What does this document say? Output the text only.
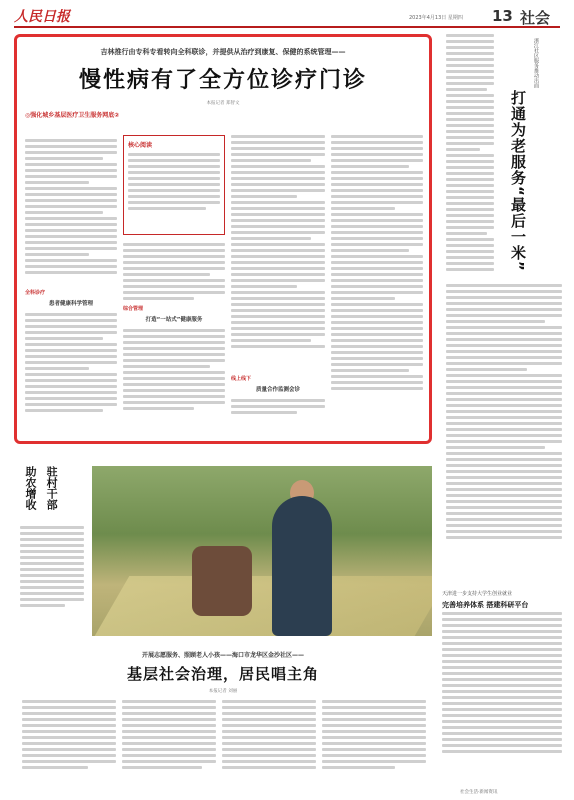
人民日报	2023年4月13日 星期四 13 社会
吉林推行由专科专看转向全科联诊，并提供从治疗到康复、保健的系统管理——
慢性病有了全方位诊疗门诊
本报记者 郑智文
◎强化城乡基层医疗卫生服务网底②
全科诊疗
患者健康科学管理
核心阅读
综合管理
打造“一站式”健康服务
线上线下
质量合作监测会诊
浙江社区服务推动出面
打通为老服务“最后一米”
助农增收 驻村干部
开展志愿服务、照顾老人小孩——海口市龙华区金沙社区——
基层社会治理，居民唱主角
本报记者 刘丽
天津进一步支持大学生创业就业
完善培养体系 搭建科研平台
社会生活·新闻资讯
